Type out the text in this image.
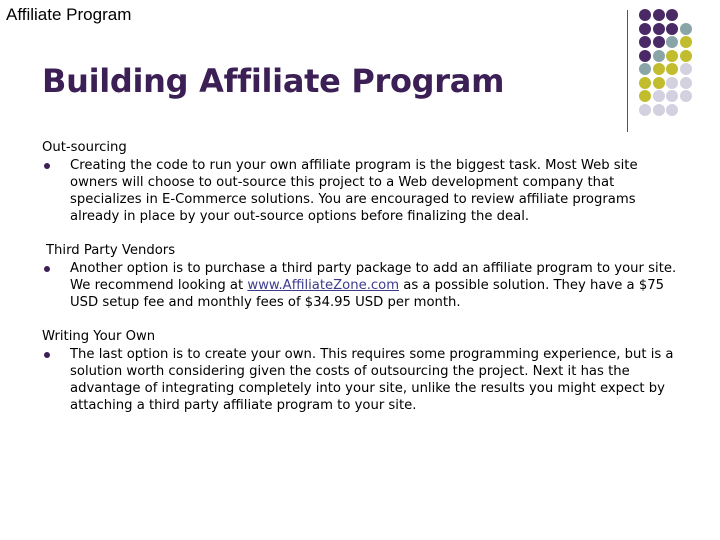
Affiliate Program
Building Affiliate Program
Out-sourcing
Creating the code to run your own affiliate program is the biggest task. Most Web site owners will choose to out-source this project to a Web development company that specializes in E-Commerce solutions. You are encouraged to review affiliate programs already in place by your out-source options before finalizing the deal.
Third Party Vendors
Another option is to purchase a third party package to add an affiliate program to your site. We recommend looking at www.AffiliateZone.com as a possible solution. They have a $75 USD setup fee and monthly fees of $34.95 USD per month.
Writing Your Own
The last option is to create your own. This requires some programming experience, but is a solution worth considering given the costs of outsourcing the project. Next it has the advantage of integrating completely into your site, unlike the results you might expect by attaching a third party affiliate program to your site.
